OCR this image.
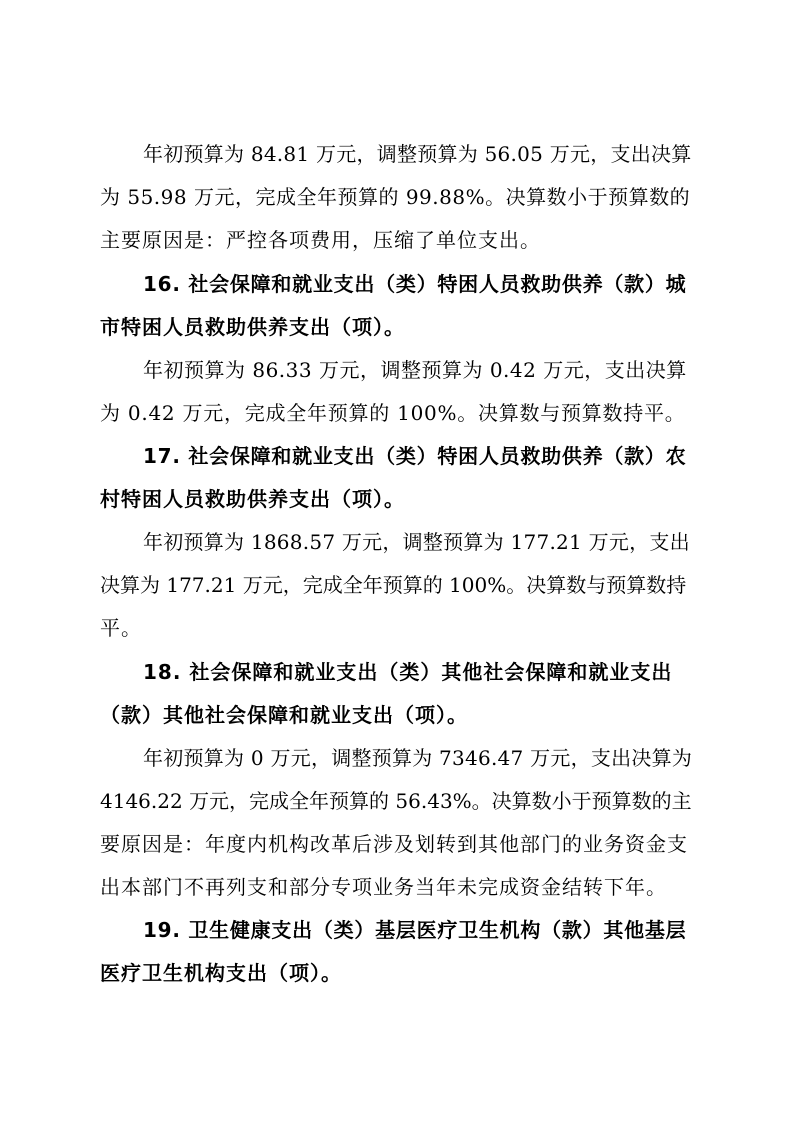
年初预算为 84.81 万元，调整预算为 56.05 万元，支出决算
为 55.98 万元，完成全年预算的 99.88%。决算数小于预算数的
主要原因是：严控各项费用，压缩了单位支出。
16. 社会保障和就业支出（类）特困人员救助供养（款）城
市特困人员救助供养支出（项）。
年初预算为 86.33 万元，调整预算为 0.42 万元，支出决算
为 0.42 万元，完成全年预算的 100%。决算数与预算数持平。
17. 社会保障和就业支出（类）特困人员救助供养（款）农
村特困人员救助供养支出（项）。
年初预算为 1868.57 万元，调整预算为 177.21 万元，支出
决算为 177.21 万元，完成全年预算的 100%。决算数与预算数持
平。
18. 社会保障和就业支出（类）其他社会保障和就业支出
（款）其他社会保障和就业支出（项）。
年初预算为 0 万元，调整预算为 7346.47 万元，支出决算为
4146.22 万元，完成全年预算的 56.43%。决算数小于预算数的主
要原因是：年度内机构改革后涉及划转到其他部门的业务资金支
出本部门不再列支和部分专项业务当年未完成资金结转下年。
19. 卫生健康支出（类）基层医疗卫生机构（款）其他基层
医疗卫生机构支出（项）。
